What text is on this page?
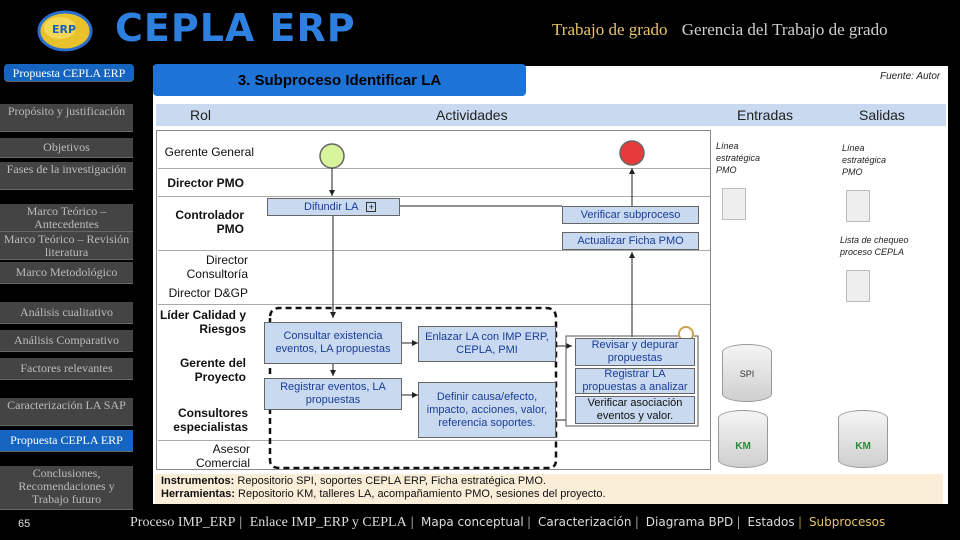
ERP CEPLA ERP	Trabajo de grado Gerencia del Trabajo de grado
Propuesta CEPLA ERP
Propósito y justificación
Objetivos
Fases de la investigación
Marco Teórico – Antecedentes
Marco Teórico – Revisión literatura
Marco Metodológico
Análisis cualitativo
Análisis Comparativo
Factores relevantes
Caracterización LA SAP
Propuesta CEPLA ERP
Conclusiones, Recomendaciones y Trabajo futuro
65
3. Subproceso Identificar LA	Fuente: Autor
Rol	Actividades	Entradas	Salidas
Gerente General
Director PMO
Controlador PMO
Director Consultoría
Director D&GP
Líder Calidad y Riesgos
Gerente del Proyecto
Consultores especialistas
Asesor Comercial
Difundir LA +
Verificar subproceso
Actualizar Ficha PMO
Consultar existencia eventos, LA propuestas
Registrar eventos, LA propuestas
Enlazar LA con IMP ERP, CEPLA, PMI
Definir causa/efecto, impacto, acciones, valor, referencia soportes.
Revisar y depurar propuestas
Registrar LA propuestas a analizar
Verificar asociación eventos y valor.
Línea estratégica PMO
SPI
KM
Línea estratégica PMO
Lista de chequeo proceso CEPLA
KM
Instrumentos: Repositorio SPI, soportes CEPLA ERP, Ficha estratégica PMO.
Herramientas: Repositorio KM, talleres LA, acompañamiento PMO, sesiones del proyecto.
Proceso IMP_ERP | Enlace IMP_ERP y CEPLA | Mapa conceptual | Caracterización | Diagrama BPD | Estados | Subprocesos
